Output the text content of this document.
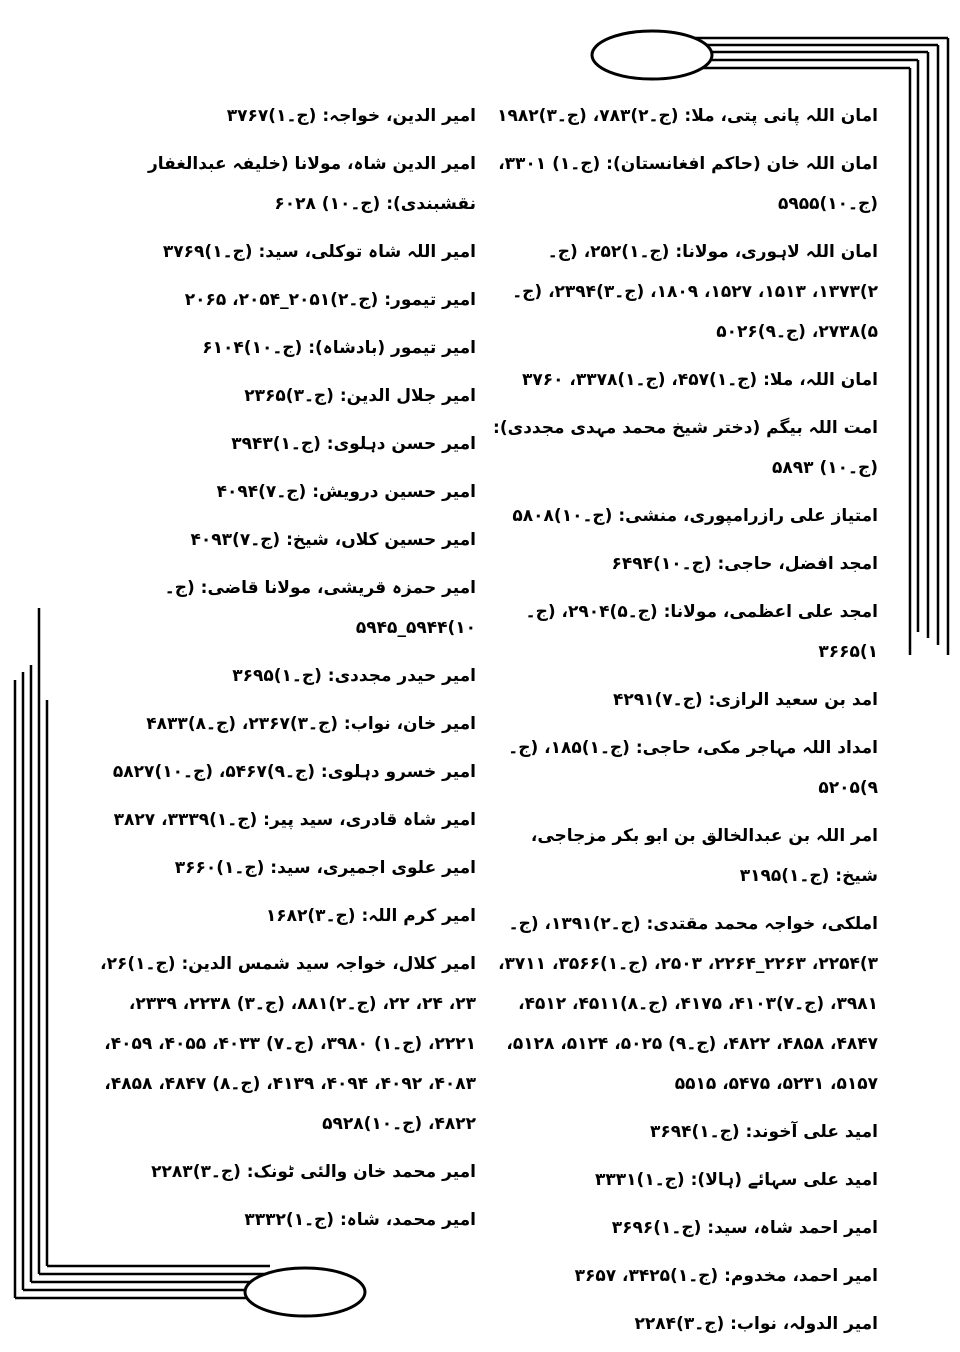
امان اللہ پانی پتی، ملا: (ج۔۲)۷۸۳، (ج۔۳)۱۹۸۲
امان اللہ خان (حاکم افغانستان): (ج۔۱) ۳۳۰۱، (ج۔۱۰)۵۹۵۵
امان اللہ لاہوری، مولانا: (ج۔۱)۲۵۲، (ج۔۲)۱۳۷۳، ۱۵۱۳، ۱۵۲۷، ۱۸۰۹، (ج۔۳)۲۳۹۴، (ج۔۵)۲۷۳۸، (ج۔۹)۵۰۲۶
امان اللہ، ملا: (ج۔۱)۴۵۷، (ج۔۱)۳۳۷۸، ۳۷۶۰
امت اللہ بیگم (دختر شیخ محمد مہدی مجددی): (ج۔۱۰) ۵۸۹۳
امتیاز علی رازرامپوری، منشی: (ج۔۱۰)۵۸۰۸
امجد افضل، حاجی: (ج۔۱۰)۶۴۹۴
امجد علی اعظمی، مولانا: (ج۔۵)۲۹۰۴، (ج۔۱)۳۶۶۵
امد بن سعید الرازی: (ج۔۷)۴۲۹۱
امداد اللہ مہاجر مکی، حاجی: (ج۔۱)۱۸۵، (ج۔۹)۵۲۰۵
امر اللہ بن عبدالخالق بن ابو بکر مزجاجی، شیخ: (ج۔۱)۳۱۹۵
املکی، خواجہ محمد مقتدی: (ج۔۲)۱۳۹۱، (ج۔۳)۲۲۵۴، ۲۲۶۳_۲۲۶۴، ۲۵۰۳، (ج۔۱)۳۵۶۶، ۳۷۱۱، ۳۹۸۱، (ج۔۷)۴۱۰۳، ۴۱۷۵، (ج۔۸)۴۵۱۱، ۴۵۱۲، ۴۸۴۷، ۴۸۵۸، ۴۸۲۲، (ج۔۹) ۵۰۲۵، ۵۱۲۴، ۵۱۲۸، ۵۱۵۷، ۵۲۳۱، ۵۴۷۵، ۵۵۱۵
امید علی آخوند: (ج۔۱)۳۶۹۴
امید علی سہائے (ہالا): (ج۔۱)۳۳۳۱
امیر احمد شاہ، سید: (ج۔۱)۳۶۹۶
امیر احمد، مخدوم: (ج۔۱)۳۴۲۵، ۳۶۵۷
امیر الدولہ، نواب: (ج۔۳)۲۲۸۴
امیر الدین، خواجہ: (ج۔۱)۳۷۶۷
امیر الدین شاہ، مولانا (خلیفہ عبدالغفار نقشبندی): (ج۔۱۰) ۶۰۲۸
امیر اللہ شاہ توکلی، سید: (ج۔۱)۳۷۶۹
امیر تیمور: (ج۔۲)۲۰۵۱_۲۰۵۴، ۲۰۶۵
امیر تیمور (بادشاہ): (ج۔۱۰)۶۱۰۴
امیر جلال الدین: (ج۔۳)۲۳۶۵
امیر حسن دہلوی: (ج۔۱)۳۹۴۳
امیر حسین درویش: (ج۔۷)۴۰۹۴
امیر حسین کلاں، شیخ: (ج۔۷)۴۰۹۳
امیر حمزہ قریشی، مولانا قاضی: (ج۔۱۰)۵۹۴۴_۵۹۴۵
امیر حیدر مجددی: (ج۔۱)۳۶۹۵
امیر خان، نواب: (ج۔۳)۲۳۶۷، (ج۔۸)۴۸۳۳
امیر خسرو دہلوی: (ج۔۹)۵۴۶۷، (ج۔۱۰)۵۸۲۷
امیر شاہ قادری، سید پیر: (ج۔۱)۳۳۳۹، ۳۸۲۷
امیر علوی اجمیری، سید: (ج۔۱)۳۶۶۰
امیر کرم اللہ: (ج۔۳)۱۶۸۲
امیر کلال، خواجہ سید شمس الدین: (ج۔۱)۲۶، ۲۳، ۲۴، ۲۲، (ج۔۲)۸۸۱، (ج۔۳) ۲۲۳۸، ۲۳۳۹، ۲۲۲۱، (ج۔۱) ۳۹۸۰، (ج۔۷) ۴۰۳۳، ۴۰۵۵، ۴۰۵۹، ۴۰۸۳، ۴۰۹۲، ۴۰۹۴، ۴۱۳۹، (ج۔۸) ۴۸۴۷، ۴۸۵۸، ۴۸۲۲، (ج۔۱۰)۵۹۲۸
امیر محمد خان والئی ٹونک: (ج۔۳)۲۲۸۳
امیر محمد، شاہ: (ج۔۱)۳۳۳۲
